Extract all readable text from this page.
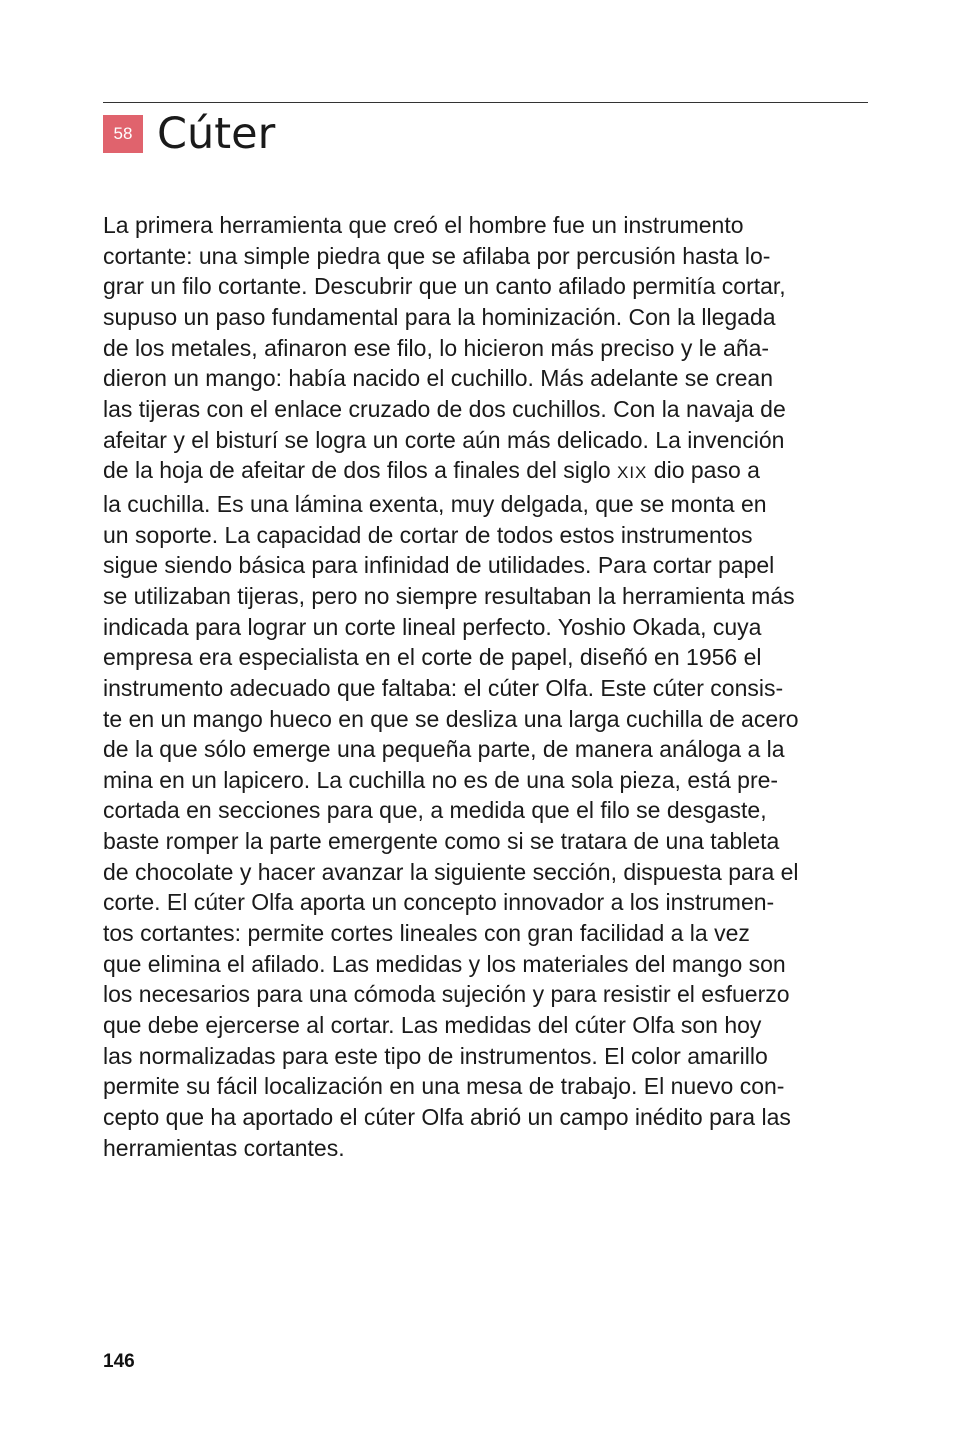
58 Cúter
La primera herramienta que creó el hombre fue un instrumento
cortante: una simple piedra que se afilaba por percusión hasta lo-
grar un filo cortante. Descubrir que un canto afilado permitía cortar,
supuso un paso fundamental para la hominización. Con la llegada
de los metales, afinaron ese filo, lo hicieron más preciso y le aña-
dieron un mango: había nacido el cuchillo. Más adelante se crean
las tijeras con el enlace cruzado de dos cuchillos. Con la navaja de
afeitar y el bisturí se logra un corte aún más delicado. La invención
de la hoja de afeitar de dos filos a finales del siglo XIX dio paso a
la cuchilla. Es una lámina exenta, muy delgada, que se monta en
un soporte. La capacidad de cortar de todos estos instrumentos
sigue siendo básica para infinidad de utilidades. Para cortar papel
se utilizaban tijeras, pero no siempre resultaban la herramienta más
indicada para lograr un corte lineal perfecto. Yoshio Okada, cuya
empresa era especialista en el corte de papel, diseñó en 1956 el
instrumento adecuado que faltaba: el cúter Olfa. Este cúter consis-
te en un mango hueco en que se desliza una larga cuchilla de acero
de la que sólo emerge una pequeña parte, de manera análoga a la
mina en un lapicero. La cuchilla no es de una sola pieza, está pre-
cortada en secciones para que, a medida que el filo se desgaste,
baste romper la parte emergente como si se tratara de una tableta
de chocolate y hacer avanzar la siguiente sección, dispuesta para el
corte. El cúter Olfa aporta un concepto innovador a los instrumen-
tos cortantes: permite cortes lineales con gran facilidad a la vez
que elimina el afilado. Las medidas y los materiales del mango son
los necesarios para una cómoda sujeción y para resistir el esfuerzo
que debe ejercerse al cortar. Las medidas del cúter Olfa son hoy
las normalizadas para este tipo de instrumentos. El color amarillo
permite su fácil localización en una mesa de trabajo. El nuevo con-
cepto que ha aportado el cúter Olfa abrió un campo inédito para las
herramientas cortantes.
146
